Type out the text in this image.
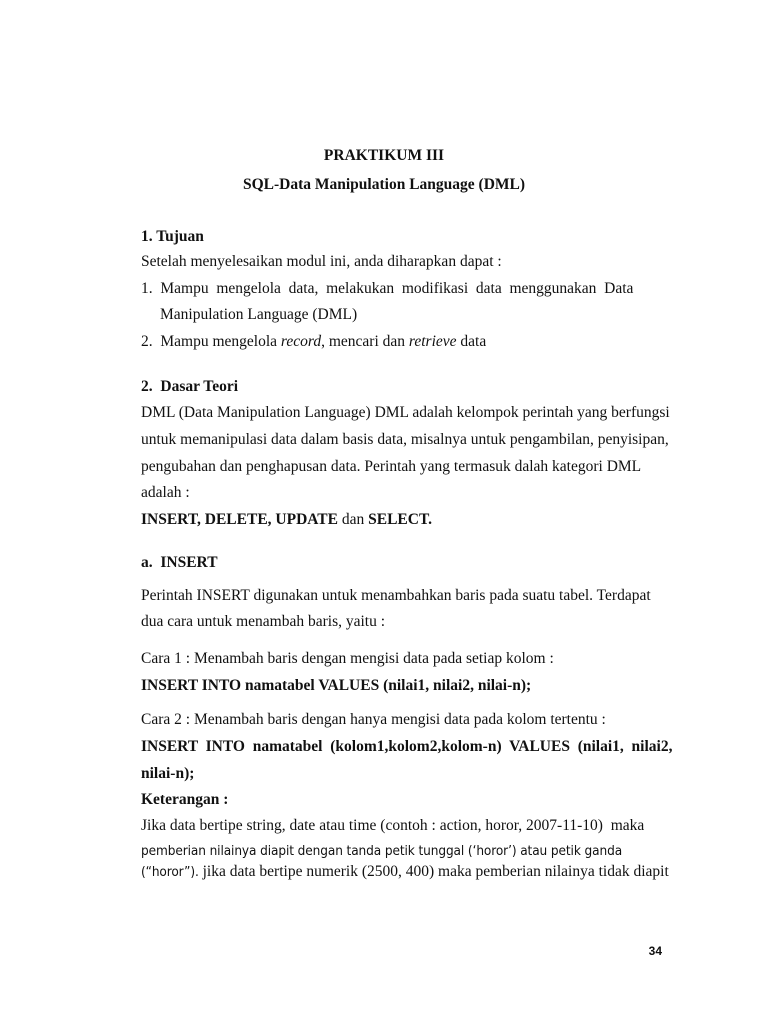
PRAKTIKUM III
SQL-Data Manipulation Language (DML)
1. Tujuan
Setelah menyelesaikan modul ini, anda diharapkan dapat :
1.  Mampu  mengelola  data,  melakukan  modifikasi  data  menggunakan  Data
Manipulation Language (DML)
2.  Mampu mengelola record, mencari dan retrieve data
2.  Dasar Teori
DML (Data Manipulation Language) DML adalah kelompok perintah yang berfungsi
untuk memanipulasi data dalam basis data, misalnya untuk pengambilan, penyisipan,
pengubahan dan penghapusan data. Perintah yang termasuk dalah kategori DML
adalah :
INSERT, DELETE, UPDATE dan SELECT.
a.  INSERT
Perintah INSERT digunakan untuk menambahkan baris pada suatu tabel. Terdapat
dua cara untuk menambah baris, yaitu :
Cara 1 : Menambah baris dengan mengisi data pada setiap kolom :
INSERT INTO namatabel VALUES (nilai1, nilai2, nilai-n);
Cara 2 : Menambah baris dengan hanya mengisi data pada kolom tertentu :
INSERT  INTO  namatabel  (kolom1,kolom2,kolom-n)  VALUES  (nilai1,  nilai2,
nilai-n);
Keterangan :
Jika data bertipe string, date atau time (contoh : action, horor, 2007-11-10)  maka
pemberian nilainya diapit dengan tanda petik tunggal (‘horor’) atau petik ganda
(“horor”). jika data bertipe numerik (2500, 400) maka pemberian nilainya tidak diapit
34
